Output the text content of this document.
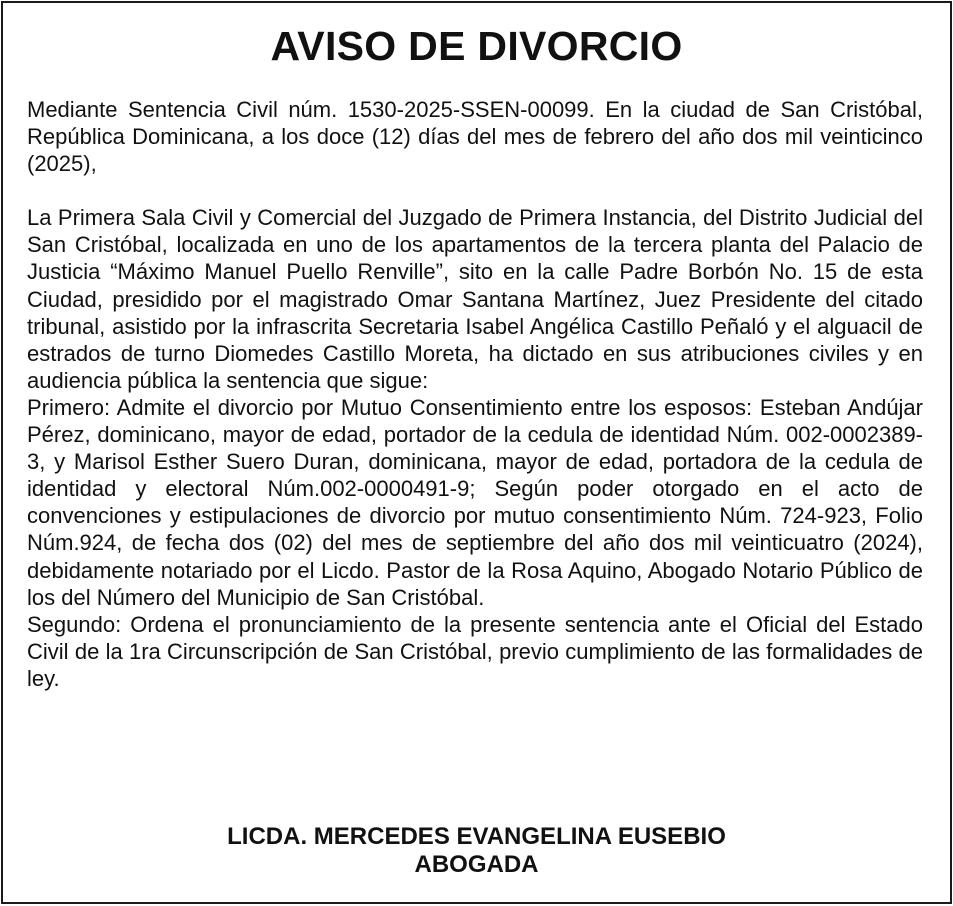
AVISO DE DIVORCIO

Mediante Sentencia Civil núm. 1530-2025-SSEN-00099. En la ciudad de San Cristóbal, República Dominicana, a los doce (12) días del mes de febrero del año dos mil veinticinco (2025),

La Primera Sala Civil y Comercial del Juzgado de Primera Instancia, del Distrito Judicial del San Cristóbal, localizada en uno de los apartamentos de la tercera planta del Palacio de Justicia “Máximo Manuel Puello Renville”, sito en la calle Padre Borbón No. 15 de esta Ciudad, presidido por el magistrado Omar Santana Martínez, Juez Presidente del citado tribunal, asistido por la infrascrita Secretaria Isabel Angélica Castillo Peñaló y el alguacil de estrados de turno Diomedes Castillo Moreta, ha dictado en sus atribuciones civiles y en audiencia pública la sentencia que sigue:

Primero: Admite el divorcio por Mutuo Consentimiento entre los esposos: Esteban Andújar Pérez, dominicano, mayor de edad, portador de la cedula de identidad Núm. 002-0002389-3, y Marisol Esther Suero Duran, dominicana, mayor de edad, portadora de la cedula de identidad y electoral Núm.002-0000491-9; Según poder otorgado en el acto de convenciones y estipulaciones de divorcio por mutuo consentimiento Núm. 724-923, Folio Núm.924, de fecha dos (02) del mes de septiembre del año dos mil veinticuatro (2024), debidamente notariado por el Licdo. Pastor de la Rosa Aquino, Abogado Notario Público de los del Número del Municipio de San Cristóbal.

Segundo: Ordena el pronunciamiento de la presente sentencia ante el Oficial del Estado Civil de la 1ra Circunscripción de San Cristóbal, previo cumplimiento de las formalidades de ley.

LICDA. MERCEDES EVANGELINA EUSEBIO
ABOGADA
